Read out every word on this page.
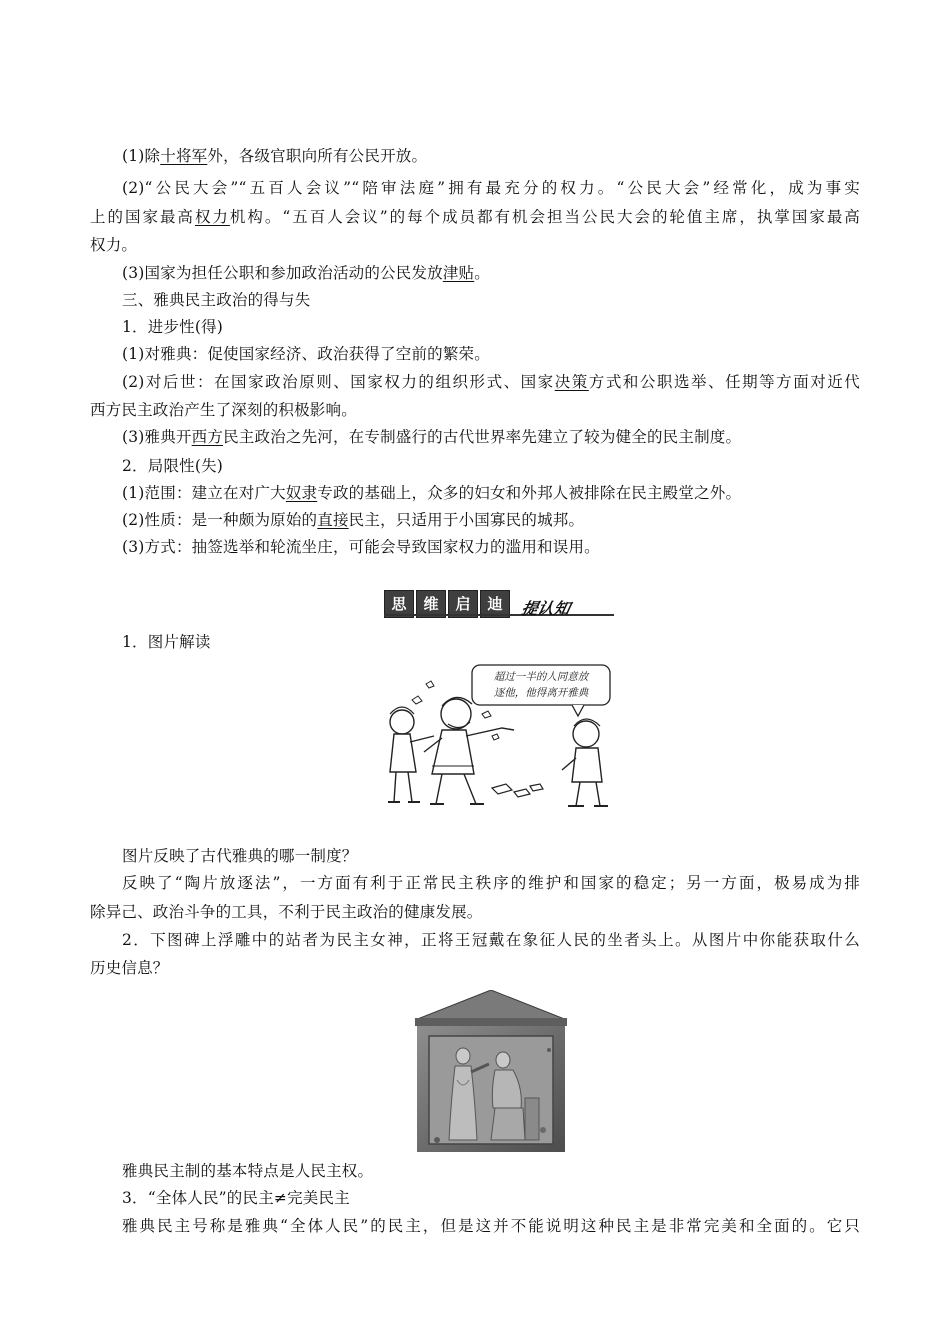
(1)除十将军外，各级官职向所有公民开放。
(2)“公民大会”“五百人会议”“陪审法庭”拥有最充分的权力。“公民大会”经常化，成为事实
上的国家最高权力机构。“五百人会议”的每个成员都有机会担当公民大会的轮值主席，执掌国家最高
权力。
(3)国家为担任公职和参加政治活动的公民发放津贴。
三、雅典民主政治的得与失
1．进步性(得)
(1)对雅典：促使国家经济、政治获得了空前的繁荣。
(2)对后世：在国家政治原则、国家权力的组织形式、国家决策方式和公职选举、任期等方面对近代
西方民主政治产生了深刻的积极影响。
(3)雅典开西方民主政治之先河，在专制盛行的古代世界率先建立了较为健全的民主制度。
2．局限性(失)
(1)范围：建立在对广大奴隶专政的基础上，众多的妇女和外邦人被排除在民主殿堂之外。
(2)性质：是一种颇为原始的直接民主，只适用于小国寡民的城邦。
(3)方式：抽签选举和轮流坐庄，可能会导致国家权力的滥用和误用。
思	维	启	迪	提认知
1．图片解读
超过一半的人同意放
逐他，他得离开雅典
图片反映了古代雅典的哪一制度？
反映了“陶片放逐法”，一方面有利于正常民主秩序的维护和国家的稳定；另一方面，极易成为排
除异己、政治斗争的工具，不利于民主政治的健康发展。
2．下图碑上浮雕中的站者为民主女神，正将王冠戴在象征人民的坐者头上。从图片中你能获取什么
历史信息？
雅典民主制的基本特点是人民主权。
3．“全体人民”的民主≠完美民主
雅典民主号称是雅典“全体人民”的民主，但是这并不能说明这种民主是非常完美和全面的。它只
